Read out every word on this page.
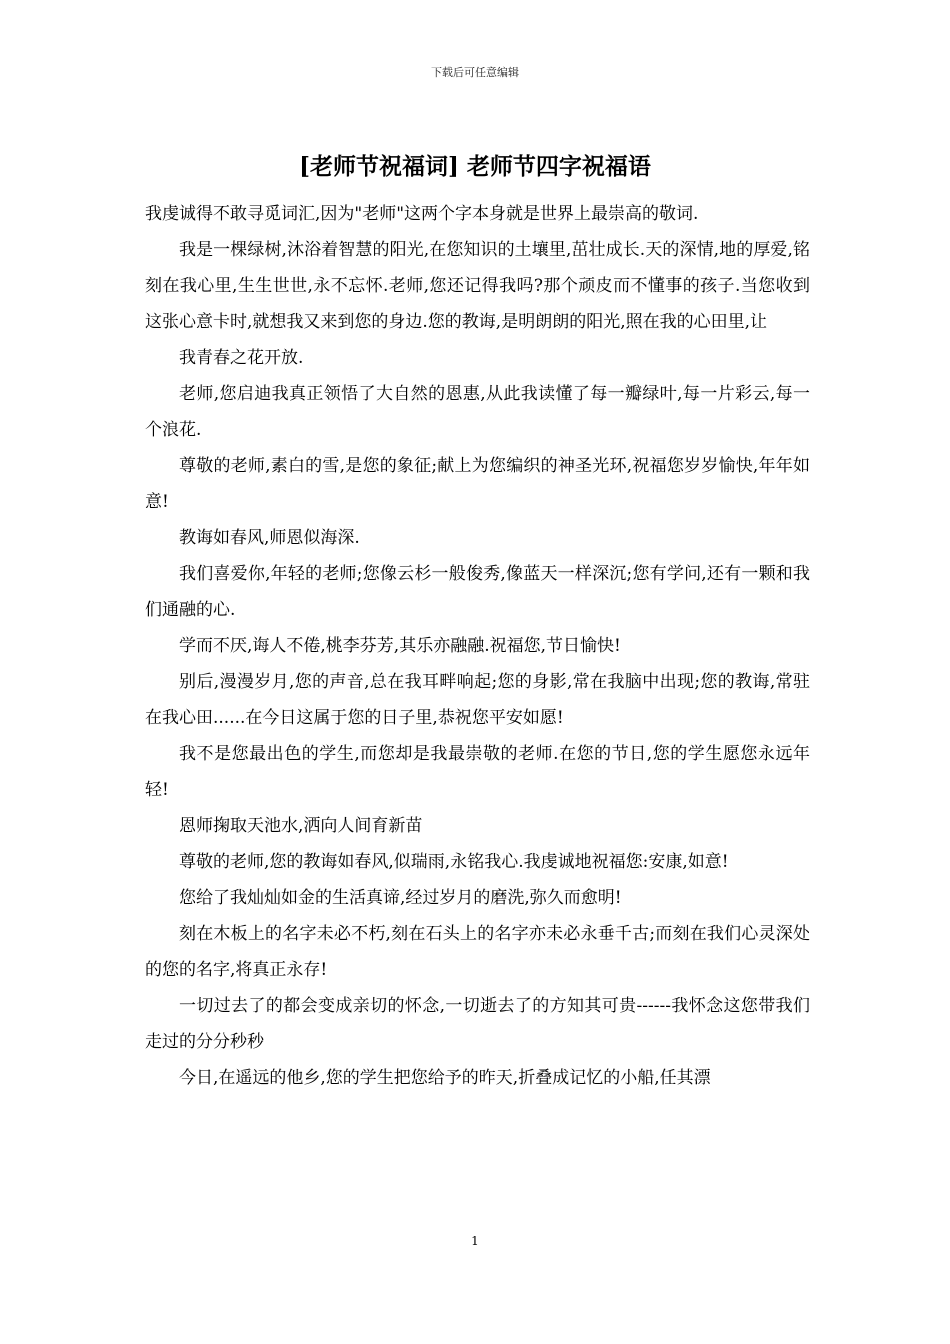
下载后可任意编辑
[老师节祝福词] 老师节四字祝福语

我虔诚得不敢寻觅词汇,因为"老师"这两个字本身就是世界上最崇高的敬词.

我是一棵绿树,沐浴着智慧的阳光,在您知识的土壤里,茁壮成长.天的深情,地的厚爱,铭刻在我心里,生生世世,永不忘怀.老师,您还记得我吗?那个顽皮而不懂事的孩子.当您收到这张心意卡时,就想我又来到您的身边.您的教诲,是明朗朗的阳光,照在我的心田里,让

我青春之花开放.

老师,您启迪我真正领悟了大自然的恩惠,从此我读懂了每一瓣绿叶,每一片彩云,每一个浪花.

尊敬的老师,素白的雪,是您的象征;献上为您编织的神圣光环,祝福您岁岁愉快,年年如意!

教诲如春风,师恩似海深.

我们喜爱你,年轻的老师;您像云杉一般俊秀,像蓝天一样深沉;您有学问,还有一颗和我们通融的心.

学而不厌,诲人不倦,桃李芬芳,其乐亦融融.祝福您,节日愉快!

别后,漫漫岁月,您的声音,总在我耳畔响起;您的身影,常在我脑中出现;您的教诲,常驻在我心田......在今日这属于您的日子里,恭祝您平安如愿!

我不是您最出色的学生,而您却是我最崇敬的老师.在您的节日,您的学生愿您永远年轻!

恩师掬取天池水,洒向人间育新苗

尊敬的老师,您的教诲如春风,似瑞雨,永铭我心.我虔诚地祝福您:安康,如意!

您给了我灿灿如金的生活真谛,经过岁月的磨洗,弥久而愈明!

刻在木板上的名字未必不朽,刻在石头上的名字亦未必永垂千古;而刻在我们心灵深处的您的名字,将真正永存!

一切过去了的都会变成亲切的怀念,一切逝去了的方知其可贵------我怀念这您带我们走过的分分秒秒

今日,在遥远的他乡,您的学生把您给予的昨天,折叠成记忆的小船,任其漂

1
